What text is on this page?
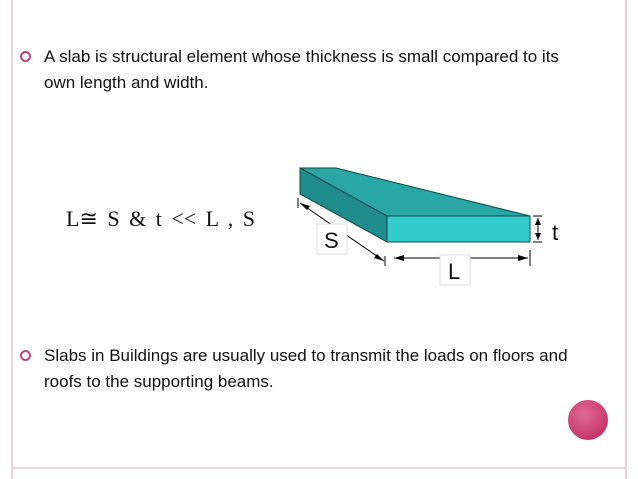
A slab is structural element whose thickness is small compared to its own length and width.
L≅ S & t << L , S
S
L
t
Slabs in Buildings are usually used to transmit the loads on floors and roofs to the supporting beams.
